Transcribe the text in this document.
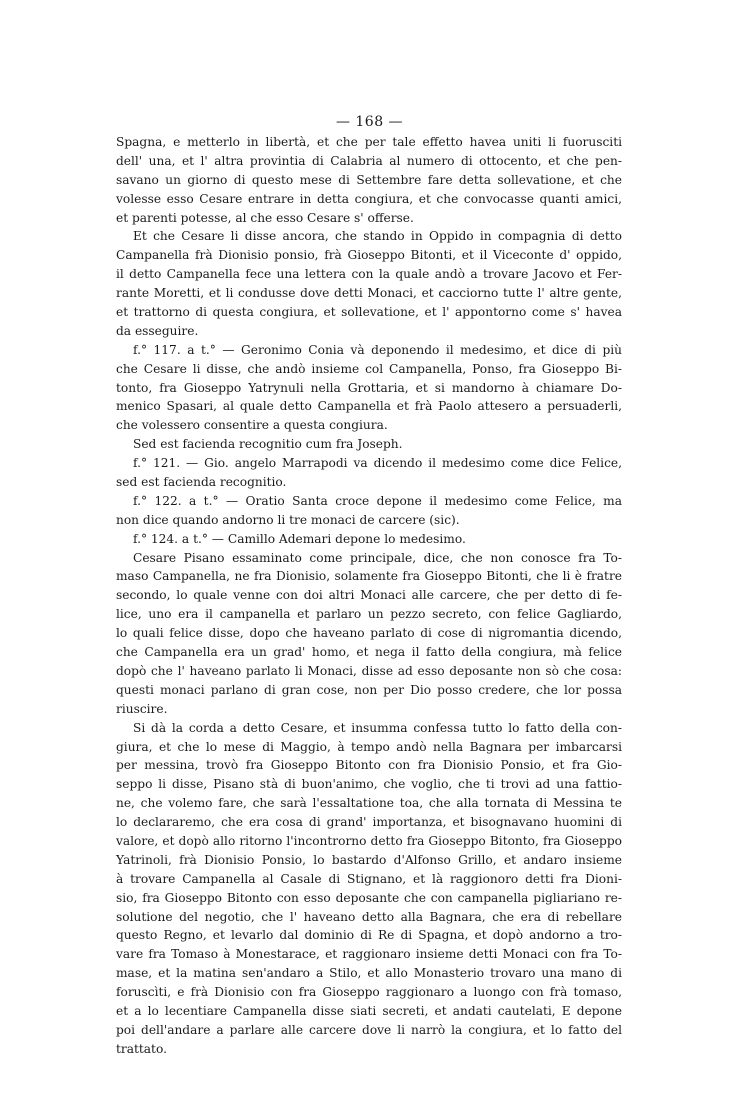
— 168 —
Spagna, e metterlo in libertà, et che per tale effetto havea uniti li fuorusciti
dell' una, et l' altra provintia di Calabria al numero di ottocento, et che pen-
savano un giorno di questo mese di Settembre fare detta sollevatione, et che
volesse esso Cesare entrare in detta congiura, et che convocasse quanti amici,
et parenti potesse, al che esso Cesare s' offerse.
Et che Cesare li disse ancora, che stando in Oppido in compagnia di detto
Campanella frà Dionisio ponsio, frà Gioseppo Bitonti, et il Viceconte d' oppido,
il detto Campanella fece una lettera con la quale andò a trovare Jacovo et Fer-
rante Moretti, et li condusse dove detti Monaci, et cacciorno tutte l' altre gente,
et trattorno di questa congiura, et sollevatione, et l' appontorno come s' havea
da esseguire.
f.° 117. a t.° — Geronimo Conia và deponendo il medesimo, et dice di più
che Cesare li disse, che andò insieme col Campanella, Ponso, fra Gioseppo Bi-
tonto, fra Gioseppo Yatrynuli nella Grottaria, et si mandorno à chiamare Do-
menico Spasari, al quale detto Campanella et frà Paolo attesero a persuaderli,
che volessero consentire a questa congiura.
Sed est facienda recognitio cum fra Joseph.
f.° 121. — Gio. angelo Marrapodi va dicendo il medesimo come dice Felice,
sed est facienda recognitio.
f.° 122. a t.° — Oratio Santa croce depone il medesimo come Felice, ma
non dice quando andorno li tre monaci de carcere (sic).
f.° 124. a t.° — Camillo Ademari depone lo medesimo.
Cesare Pisano essaminato come principale, dice, che non conosce fra To-
maso Campanella, ne fra Dionisio, solamente fra Gioseppo Bitonti, che li è fratre
secondo, lo quale venne con doi altri Monaci alle carcere, che per detto di fe-
lice, uno era il campanella et parlaro un pezzo secreto, con felice Gagliardo,
lo quali felice disse, dopo che haveano parlato di cose di nigromantia dicendo,
che Campanella era un grad' homo, et nega il fatto della congiura, mà felice
dopò che l' haveano parlato li Monaci, disse ad esso deposante non sò che cosa:
questi monaci parlano di gran cose, non per Dio posso credere, che lor possa
riuscire.
Si dà la corda a detto Cesare, et insumma confessa tutto lo fatto della con-
giura, et che lo mese di Maggio, à tempo andò nella Bagnara per imbarcarsi
per messina, trovò fra Gioseppo Bitonto con fra Dionisio Ponsio, et fra Gio-
seppo li disse, Pisano stà di buon'animo, che voglio, che ti trovi ad una fattio-
ne, che volemo fare, che sarà l'essaltatione toa, che alla tornata di Messina te
lo declararemo, che era cosa di grand' importanza, et bisognavano huomini di
valore, et dopò allo ritorno l'incontrorno detto fra Gioseppo Bitonto, fra Gioseppo
Yatrinoli, frà Dionisio Ponsio, lo bastardo d'Alfonso Grillo, et andaro insieme
à trovare Campanella al Casale di Stignano, et là raggionoro detti fra Dioni-
sio, fra Gioseppo Bitonto con esso deposante che con campanella pigliariano re-
solutione del negotio, che l' haveano detto alla Bagnara, che era di rebellare
questo Regno, et levarlo dal dominio di Re di Spagna, et dopò andorno a tro-
vare fra Tomaso à Monestarace, et raggionaro insieme detti Monaci con fra To-
mase, et la matina sen'andaro a Stilo, et allo Monasterio trovaro una mano di
foruscìti, e frà Dionisio con fra Gioseppo raggionaro a luongo con frà tomaso,
et a lo lecentiare Campanella disse siati secreti, et andati cautelati, E depone
poi dell'andare a parlare alle carcere dove li narrò la congiura, et lo fatto del
trattato.
